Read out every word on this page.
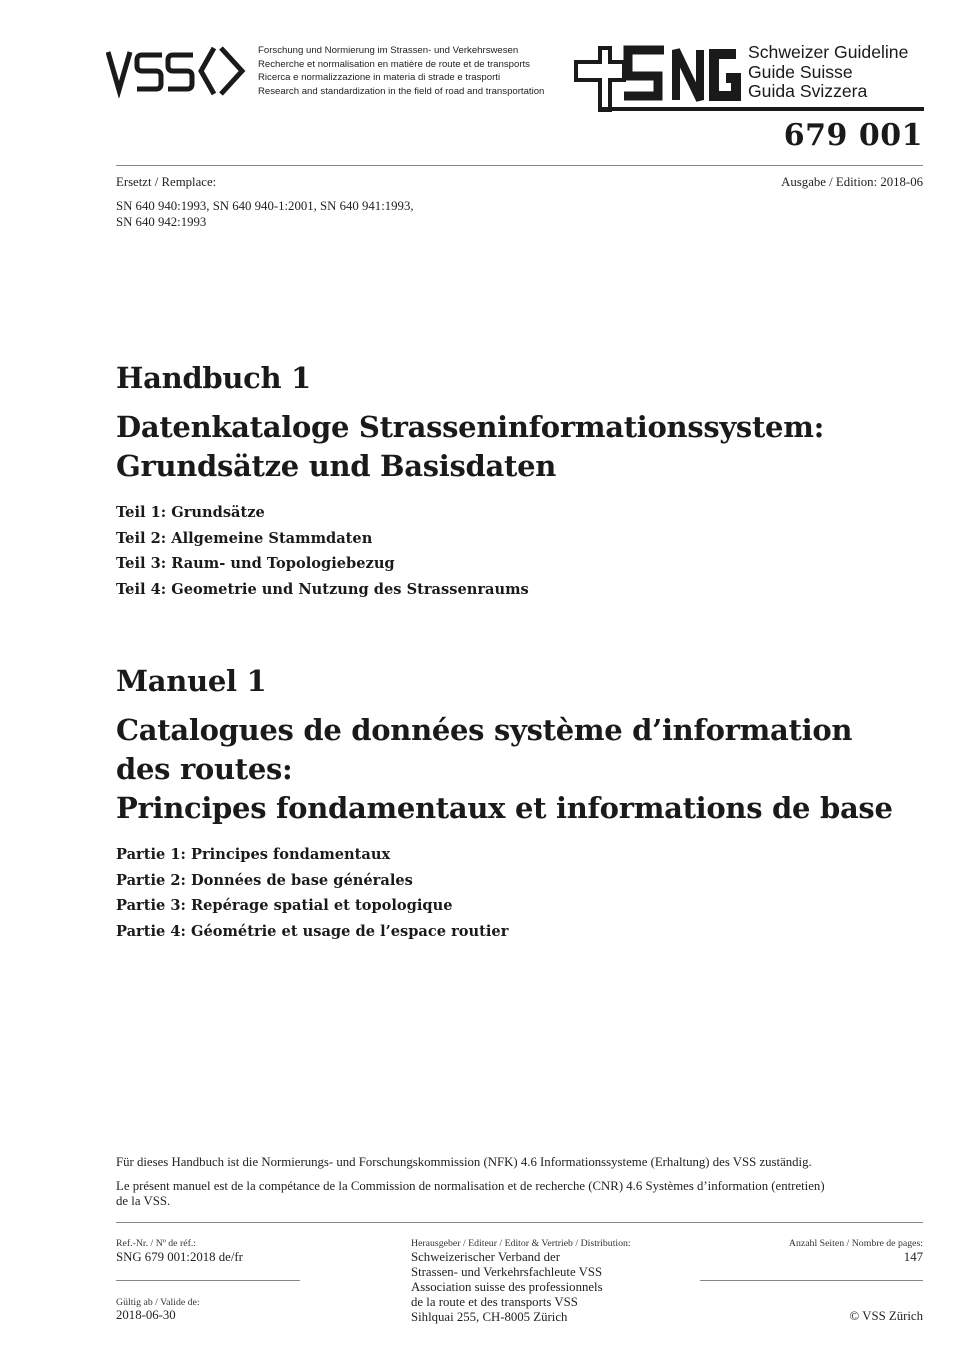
Forschung und Normierung im Strassen- und Verkehrswesen
Recherche et normalisation en matière de route et de transports
Ricerca e normalizzazione in materia di strade e trasporti
Research and standardization in the field of road and transportation
Schweizer Guideline
Guide Suisse
Guida Svizzera
679 001
Ersetzt / Remplace:	Ausgabe / Edition: 2018-06
SN 640 940:1993, SN 640 940-1:2001, SN 640 941:1993,
SN 640 942:1993
Handbuch 1
Datenkataloge Strasseninformationssystem:
Grundsätze und Basisdaten
Teil 1: Grundsätze
Teil 2: Allgemeine Stammdaten
Teil 3: Raum- und Topologiebezug
Teil 4: Geometrie und Nutzung des Strassenraums
Manuel 1
Catalogues de données système d’information
des routes:
Principes fondamentaux et informations de base
Partie 1: Principes fondamentaux
Partie 2: Données de base générales
Partie 3: Repérage spatial et topologique
Partie 4: Géométrie et usage de l’espace routier
Für dieses Handbuch ist die Normierungs- und Forschungskommission (NFK) 4.6 Informationssysteme (Erhaltung) des VSS zuständig.
Le présent manuel est de la compétance de la Commission de normalisation et de recherche (CNR) 4.6 Systèmes d’information (entretien)
de la VSS.
Ref.-Nr. / Nº de réf.:
SNG 679 001:2018 de/fr
Gültig ab / Valide de:
2018-06-30
Herausgeber / Editeur / Editor & Vertrieb / Distribution:
Schweizerischer Verband der
Strassen- und Verkehrsfachleute VSS
Association suisse des professionnels
de la route et des transports VSS
Sihlquai 255, CH-8005 Zürich
Anzahl Seiten / Nombre de pages:
147
© VSS Zürich
